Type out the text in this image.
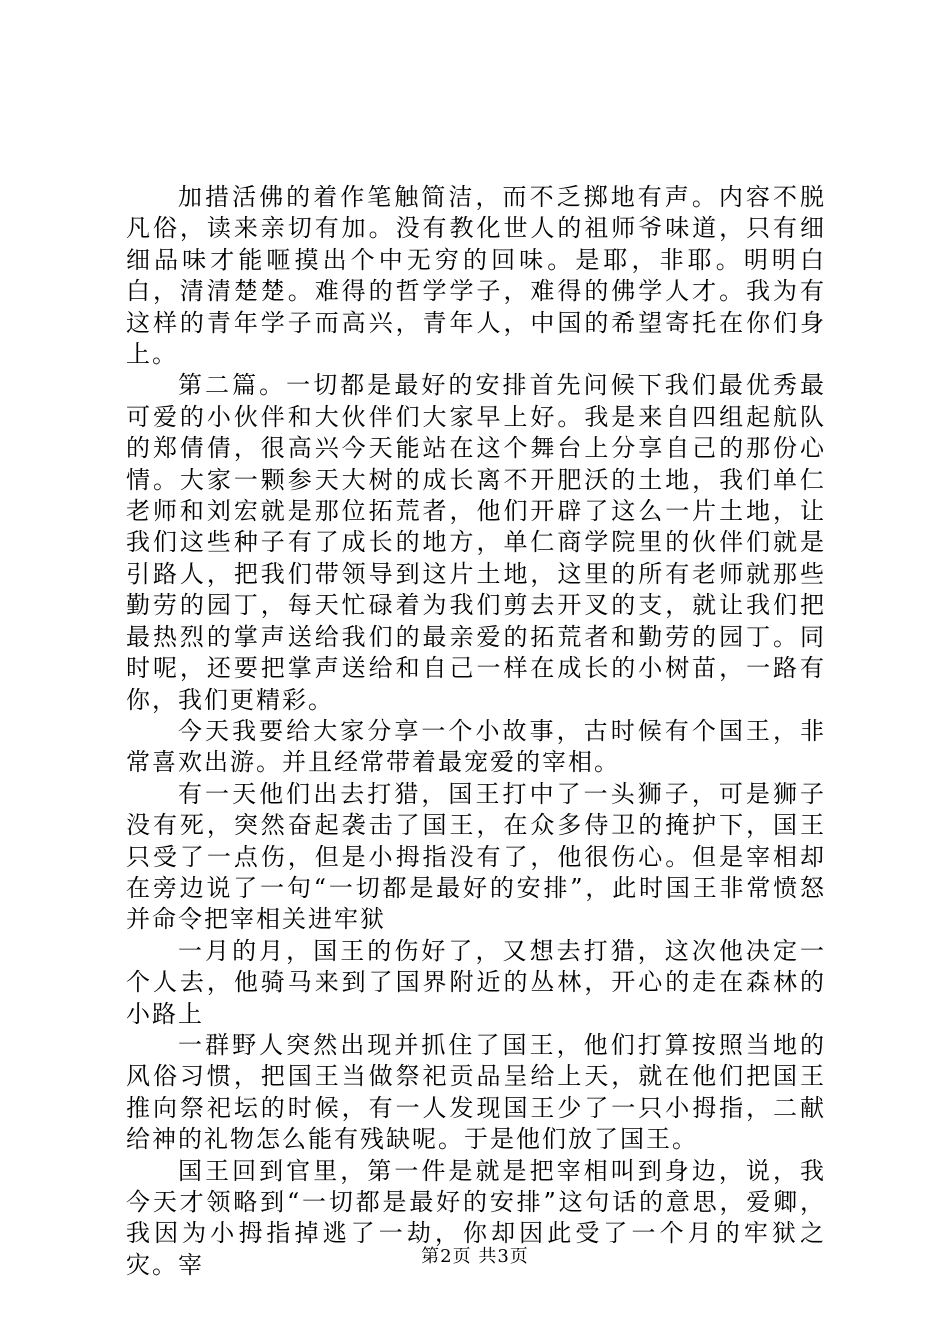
加措活佛的着作笔触简洁，而不乏掷地有声。内容不脱凡俗，读来亲切有加。没有教化世人的祖师爷味道，只有细细品味才能咂摸出个中无穷的回味。是耶，非耶。明明白白，清清楚楚。难得的哲学学子，难得的佛学人才。我为有这样的青年学子而高兴，青年人，中国的希望寄托在你们身上。

第二篇。一切都是最好的安排首先问候下我们最优秀最可爱的小伙伴和大伙伴们大家早上好。我是来自四组起航队的郑倩倩，很高兴今天能站在这个舞台上分享自己的那份心情。大家一颗参天大树的成长离不开肥沃的土地，我们单仁老师和刘宏就是那位拓荒者，他们开辟了这么一片土地，让我们这些种子有了成长的地方，单仁商学院里的伙伴们就是引路人，把我们带领导到这片土地，这里的所有老师就那些勤劳的园丁，每天忙碌着为我们剪去开叉的支，就让我们把最热烈的掌声送给我们的最亲爱的拓荒者和勤劳的园丁。同时呢，还要把掌声送给和自己一样在成长的小树苗，一路有你，我们更精彩。

今天我要给大家分享一个小故事，古时候有个国王，非常喜欢出游。并且经常带着最宠爱的宰相。

有一天他们出去打猎，国王打中了一头狮子，可是狮子没有死，突然奋起袭击了国王，在众多侍卫的掩护下，国王只受了一点伤，但是小拇指没有了，他很伤心。但是宰相却在旁边说了一句“一切都是最好的安排”，此时国王非常愤怒并命令把宰相关进牢狱

一月的月，国王的伤好了，又想去打猎，这次他决定一个人去，他骑马来到了国界附近的丛林，开心的走在森林的小路上

一群野人突然出现并抓住了国王，他们打算按照当地的风俗习惯，把国王当做祭祀贡品呈给上天，就在他们把国王推向祭祀坛的时候，有一人发现国王少了一只小拇指，二献给神的礼物怎么能有残缺呢。于是他们放了国王。

国王回到官里，第一件是就是把宰相叫到身边，说，我今天才领略到“一切都是最好的安排”这句话的意思，爱卿，我因为小拇指掉逃了一劫，你却因此受了一个月的牢狱之灾。宰	第2页 共3页
